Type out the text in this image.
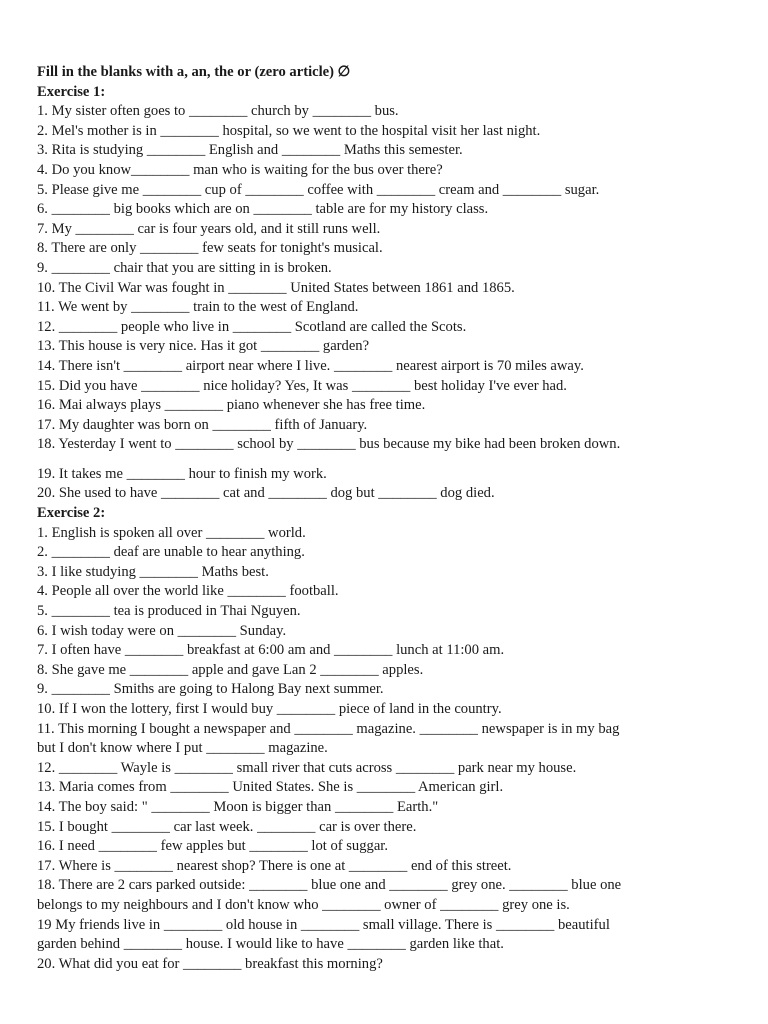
Fill in the blanks with a, an, the or (zero article) ∅
Exercise 1:
1. My sister often goes to ________ church by ________ bus.
2. Mel's mother is in ________ hospital, so we went to the hospital visit her last night.
3. Rita is studying ________ English and ________ Maths this semester.
4. Do you know________ man who is waiting for the bus over there?
5. Please give me ________ cup of ________ coffee with ________ cream and ________ sugar.
6. ________ big books which are on ________ table are for my history class.
7. My ________ car is four years old, and it still runs well.
8. There are only ________ few seats for tonight's musical.
9. ________ chair that you are sitting in is broken.
10. The Civil War was fought in ________ United States between 1861 and 1865.
11. We went by ________ train to the west of England.
12. ________ people who live in ________ Scotland are called the Scots.
13. This house is very nice. Has it got ________ garden?
14. There isn't ________ airport near where I live. ________ nearest airport is 70 miles away.
15. Did you have ________ nice holiday? Yes, It was ________ best holiday I've ever had.
16. Mai always plays ________ piano whenever she has free time.
17. My daughter was born on ________ fifth of January.
18. Yesterday I went to ________ school by ________ bus because my bike had been broken down.
19. It takes me ________ hour to finish my work.
20. She used to have ________ cat and ________ dog but ________ dog died.
Exercise 2:
1. English is spoken all over ________ world.
2. ________ deaf are unable to hear anything.
3. I like studying ________ Maths best.
4. People all over the world like ________ football.
5. ________ tea is produced in Thai Nguyen.
6. I wish today were on ________ Sunday.
7. I often have ________ breakfast at 6:00 am and ________ lunch at 11:00 am.
8. She gave me ________ apple and gave Lan 2 ________ apples.
9. ________ Smiths are going to Halong Bay next summer.
10. If I won the lottery, first I would buy ________ piece of land in the country.
11. This morning I bought a newspaper and ________ magazine. ________ newspaper is in my bag
but I don't know where I put ________ magazine.
12. ________ Wayle is ________ small river that cuts across ________ park near my house.
13. Maria comes from ________ United States. She is ________ American girl.
14. The boy said: " ________ Moon is bigger than ________ Earth."
15. I bought ________ car last week. ________ car is over there.
16. I need ________ few apples but ________ lot of suggar.
17. Where is ________ nearest shop? There is one at ________ end of this street.
18. There are 2 cars parked outside: ________ blue one and ________ grey one. ________ blue one
belongs to my neighbours and I don't know who ________ owner of ________ grey one is.
19 My friends live in ________ old house in ________ small village. There is ________ beautiful
garden behind ________ house. I would like to have ________ garden like that.
20. What did you eat for ________ breakfast this morning?
